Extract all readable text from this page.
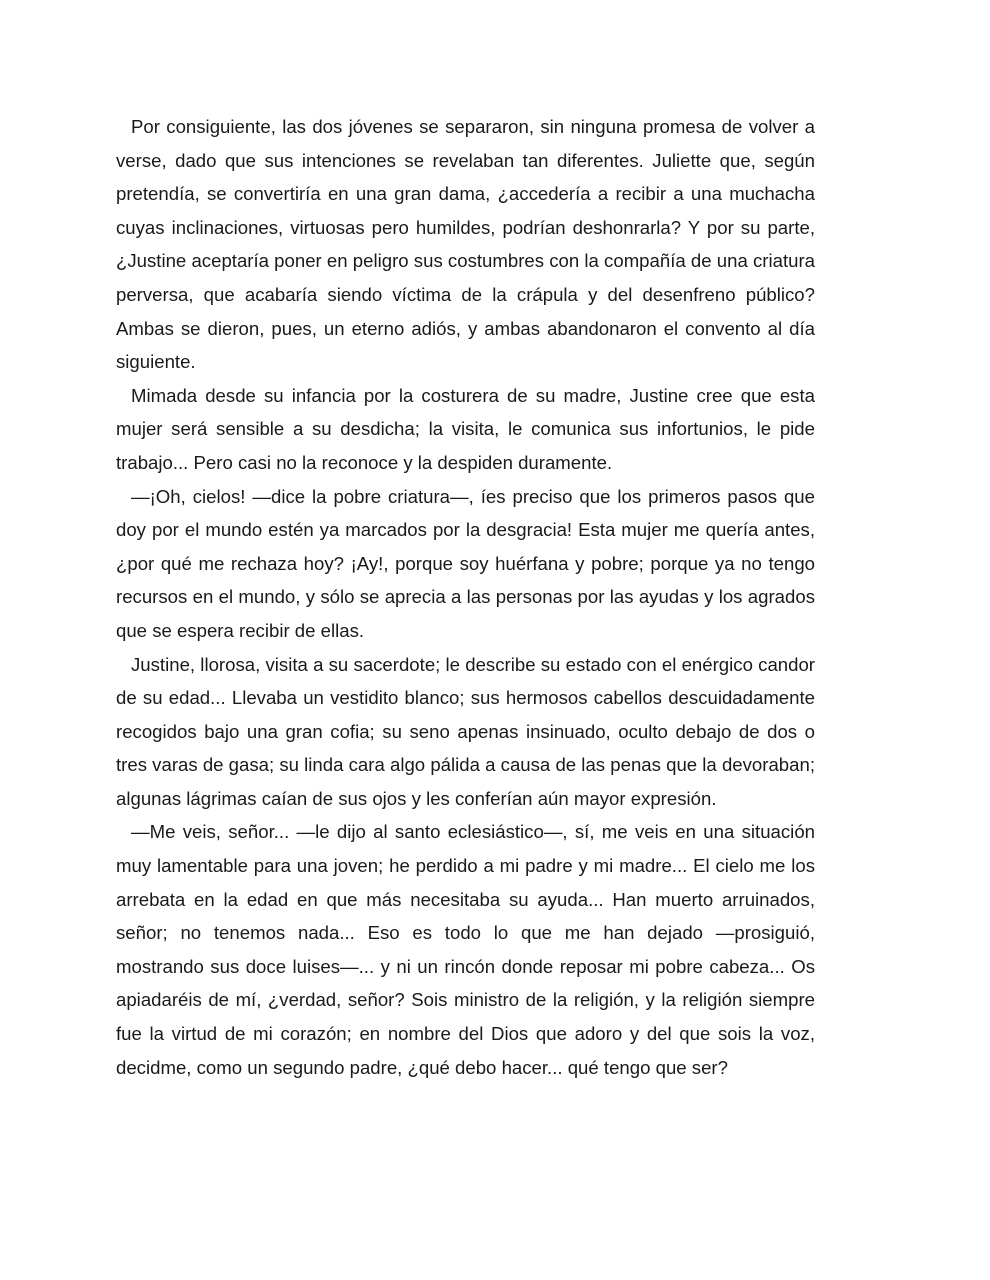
Por consiguiente, las dos jóvenes se separaron, sin ninguna promesa de volver a verse, dado que sus intenciones se revelaban tan diferentes. Juliette que, según pretendía, se convertiría en una gran dama, ¿accedería a recibir a una muchacha cuyas inclinaciones, virtuosas pero humildes, podrían deshonrarla? Y por su parte, ¿Justine aceptaría poner en peligro sus costumbres con la compañía de una criatura perversa, que acabaría siendo víctima de la crápula y del desenfreno público? Ambas se dieron, pues, un eterno adiós, y ambas abandonaron el convento al día siguiente.

Mimada desde su infancia por la costurera de su madre, Justine cree que esta mujer será sensible a su desdicha; la visita, le comunica sus infortunios, le pide trabajo... Pero casi no la reconoce y la despiden duramente.

—¡Oh, cielos! —dice la pobre criatura—, íes preciso que los primeros pasos que doy por el mundo estén ya marcados por la desgracia! Esta mujer me quería antes, ¿por qué me rechaza hoy? ¡Ay!, porque soy huérfana y pobre; porque ya no tengo recursos en el mundo, y sólo se aprecia a las personas por las ayudas y los agrados que se espera recibir de ellas.

Justine, llorosa, visita a su sacerdote; le describe su estado con el enérgico candor de su edad... Llevaba un vestidito blanco; sus hermosos cabellos descuidadamente recogidos bajo una gran cofia; su seno apenas insinuado, oculto debajo de dos o tres varas de gasa; su linda cara algo pálida a causa de las penas que la devoraban; algunas lágrimas caían de sus ojos y les conferían aún mayor expresión.

—Me veis, señor... —le dijo al santo eclesiástico—, sí, me veis en una situación muy lamentable para una joven; he perdido a mi padre y mi madre... El cielo me los arrebata en la edad en que más necesitaba su ayuda... Han muerto arruinados, señor; no tenemos nada... Eso es todo lo que me han dejado —prosiguió, mostrando sus doce luises—... y ni un rincón donde reposar mi pobre cabeza... Os apiadaréis de mí, ¿verdad, señor? Sois ministro de la religión, y la religión siempre fue la virtud de mi corazón; en nombre del Dios que adoro y del que sois la voz, decidme, como un segundo padre, ¿qué debo hacer... qué tengo que ser?
